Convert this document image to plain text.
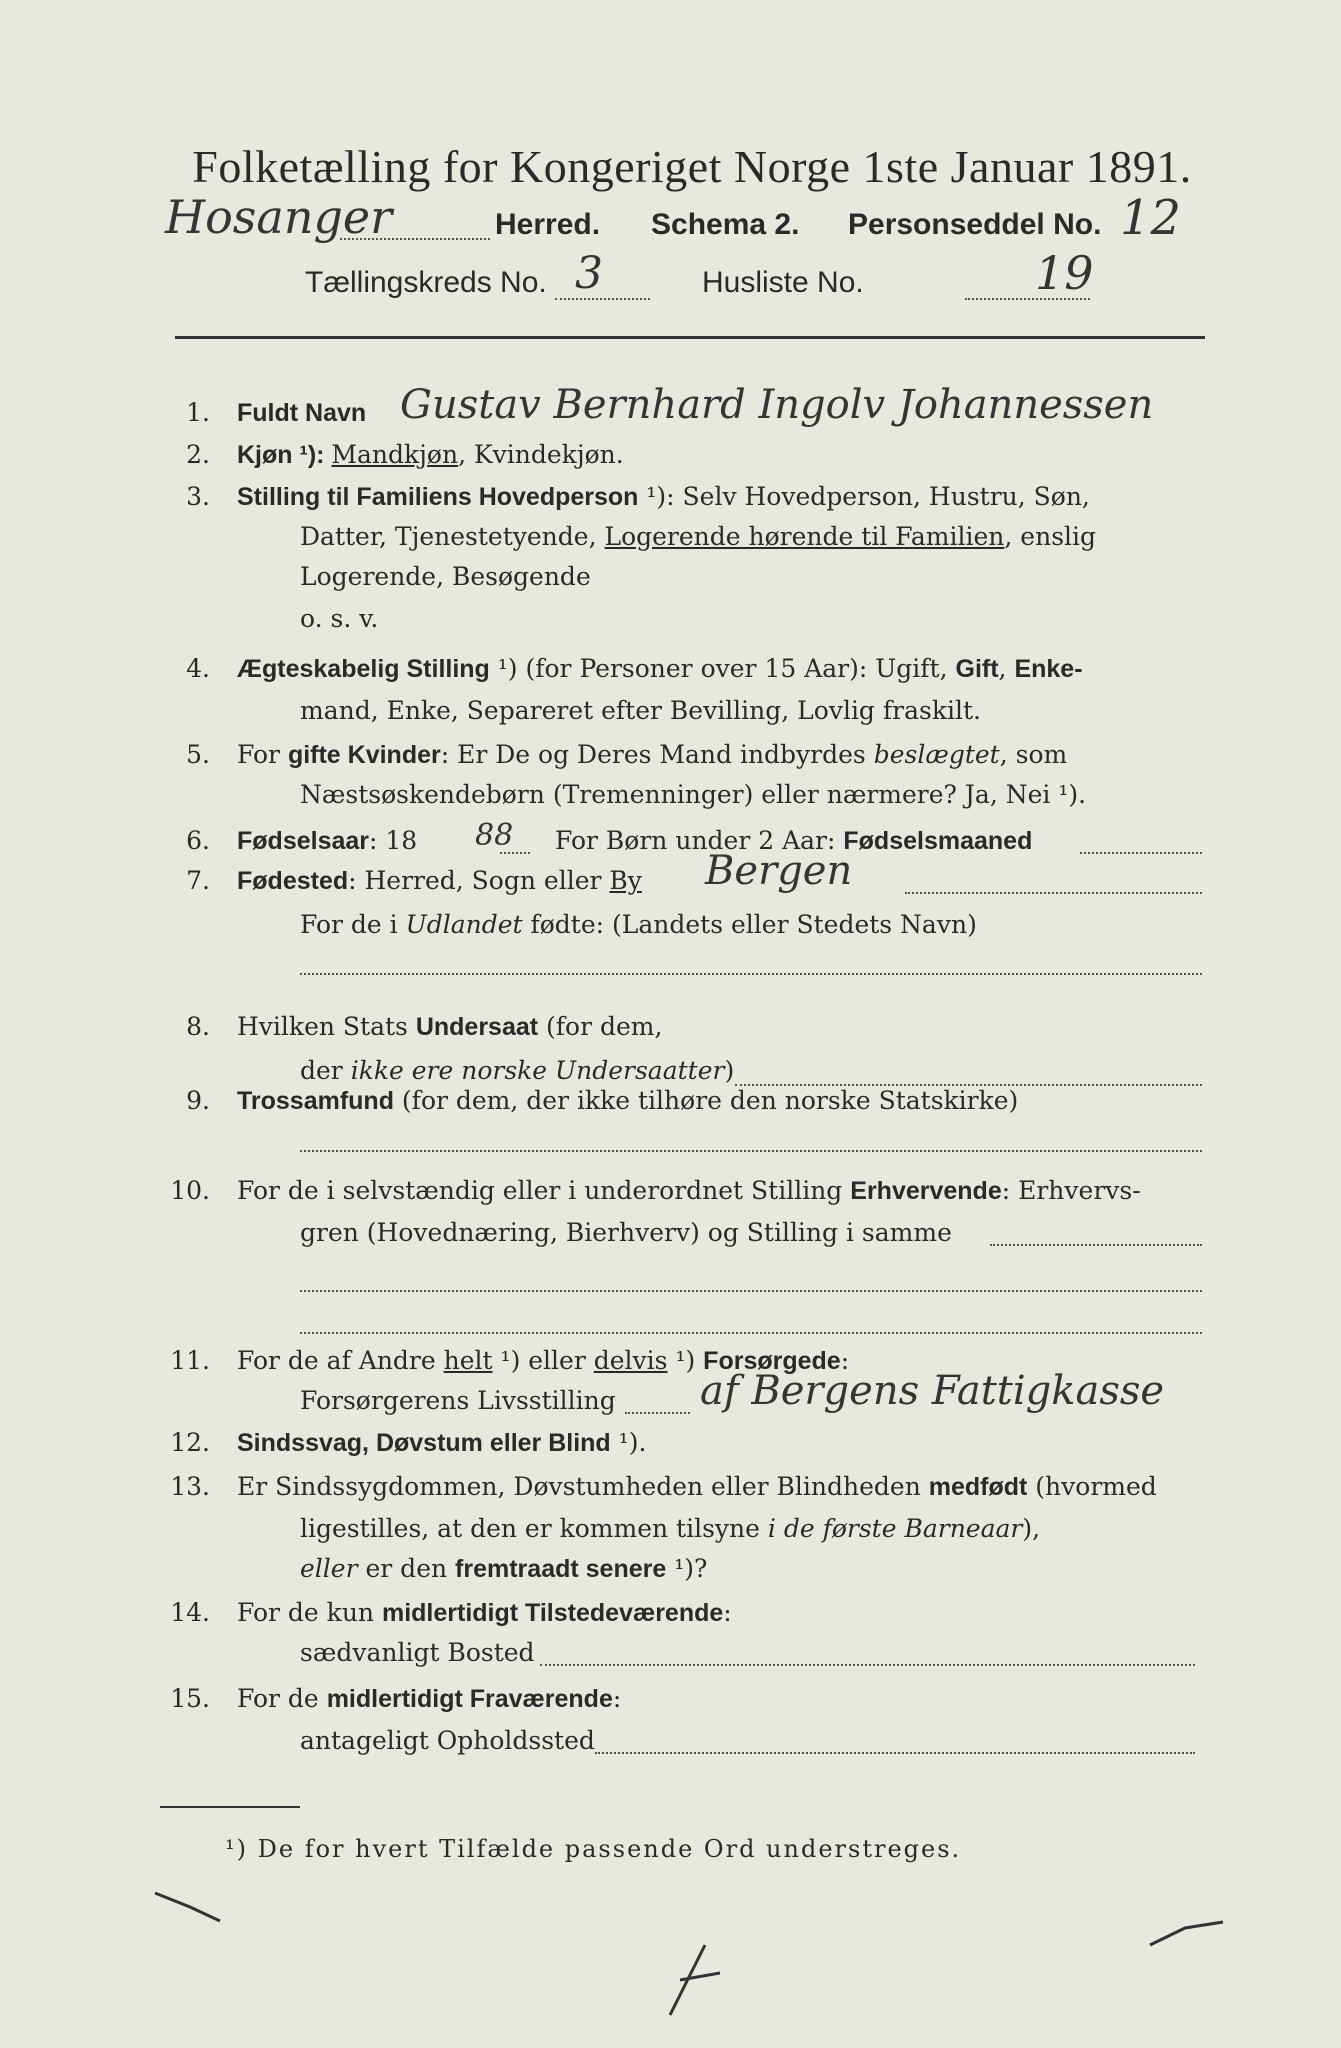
Folketælling for Kongeriget Norge 1ste Januar 1891.
Hosanger	Herred. Schema 2. Personseddel No. 12
Tællingskreds No. 3	Husliste No.	19
1. Fuldt Navn Gustav Bernhard Ingolv Johannessen
2. Kjøn ¹): Mandkjøn, Kvindekjøn.
3. Stilling til Familiens Hovedperson ¹): Selv Hovedperson, Hustru, Søn,
Datter, Tjenestetyende, Logerende hørende til Familien, enslig
Logerende, Besøgende
o. s. v.
4. Ægteskabelig Stilling ¹) (for Personer over 15 Aar): Ugift, Gift, Enke-
mand, Enke, Separeret efter Bevilling, Lovlig fraskilt.
5. For gifte Kvinder: Er De og Deres Mand indbyrdes beslægtet, som
Næstsøskendebørn (Tremenninger) eller nærmere? Ja, Nei ¹).
6. Fødselsaar: 18 88 For Børn under 2 Aar: Fødselsmaaned
7. Fødested: Herred, Sogn eller By Bergen
For de i Udlandet fødte: (Landets eller Stedets Navn)
8. Hvilken Stats Undersaat (for dem,
der ikke ere norske Undersaatter)
9. Trossamfund (for dem, der ikke tilhøre den norske Statskirke)
10. For de i selvstændig eller i underordnet Stilling Erhvervende: Erhvervs-
gren (Hovednæring, Bierhverv) og Stilling i samme
11. For de af Andre helt ¹) eller delvis ¹) Forsørgede:
Forsørgerens Livsstilling af Bergens Fattigkasse
12. Sindssvag, Døvstum eller Blind ¹).
13. Er Sindssygdommen, Døvstumheden eller Blindheden medfødt (hvormed
ligestilles, at den er kommen tilsyne i de første Barneaar),
eller er den fremtraadt senere ¹)?
14. For de kun midlertidigt Tilstedeværende:
sædvanligt Bosted
15. For de midlertidigt Fraværende:
antageligt Opholdssted
¹) De for hvert Tilfælde passende Ord understreges.
